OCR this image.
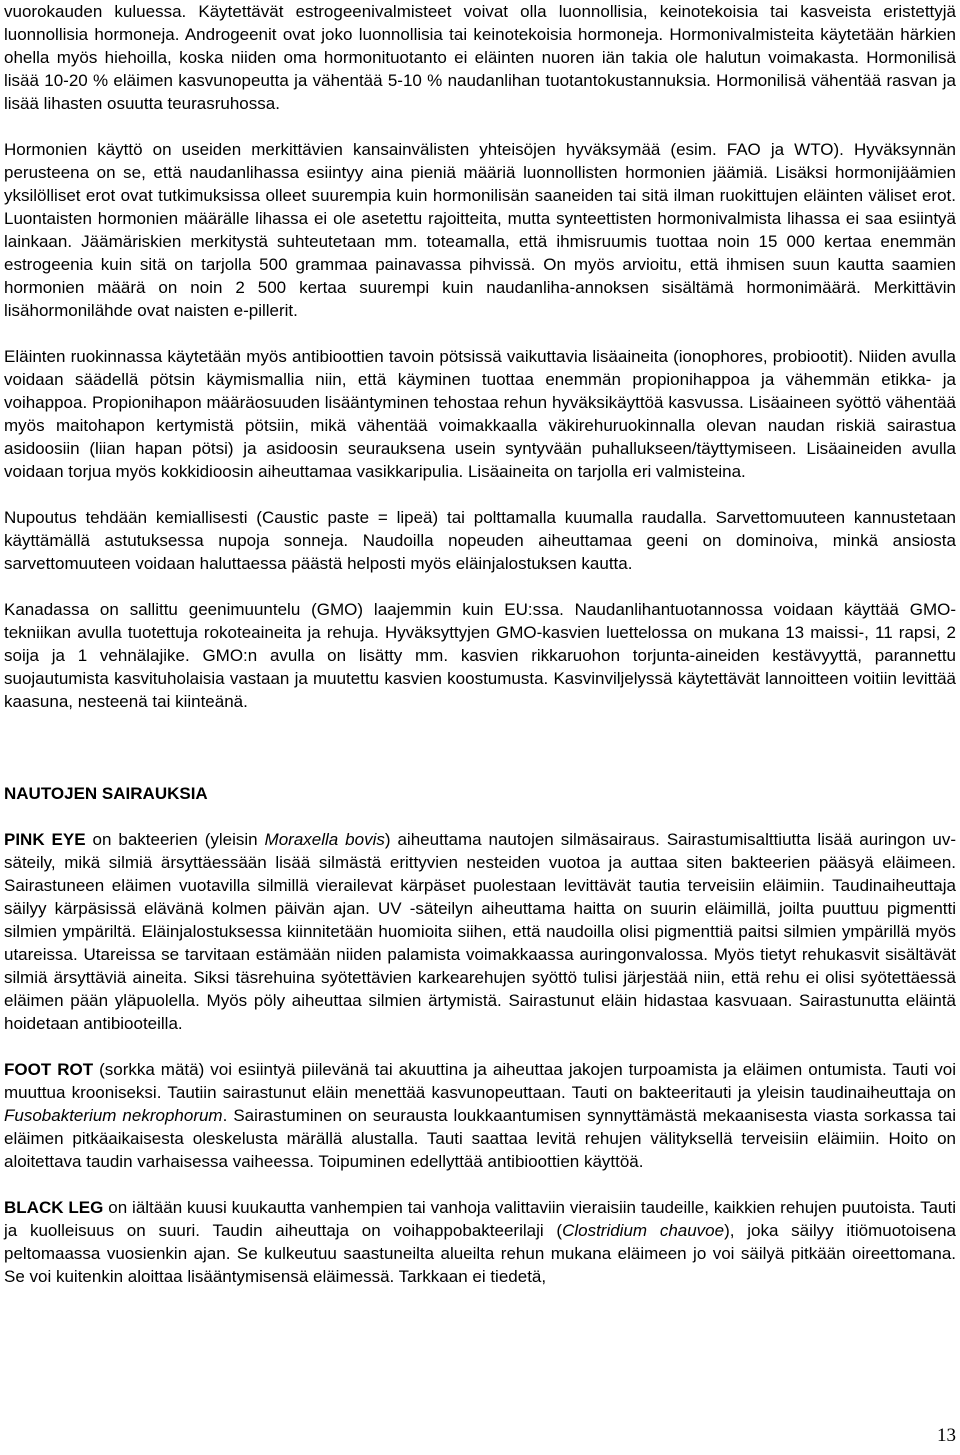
vuorokauden kuluessa. Käytettävät estrogeenivalmisteet voivat olla luonnollisia, keinotekoisia tai kasveista eristettyjä luonnollisia hormoneja. Androgeenit ovat joko luonnollisia tai keinotekoisia hormoneja. Hormonivalmisteita käytetään härkien ohella myös hiehoilla, koska niiden oma hormonituotanto ei eläinten nuoren iän takia ole halutun voimakasta. Hormonilisä lisää 10-20 % eläimen kasvunopeutta ja vähentää 5-10 % naudanlihan tuotantokustannuksia. Hormonilisä vähentää rasvan ja lisää lihasten osuutta teurasruhossa.

Hormonien käyttö on useiden merkittävien kansainvälisten yhteisöjen hyväksymää (esim. FAO ja WTO). Hyväksynnän perusteena on se, että naudanlihassa esiintyy aina pieniä määriä luonnollisten hormonien jäämiä. Lisäksi hormonijäämien yksilölliset erot ovat tutkimuksissa olleet suurempia kuin hormonilisän saaneiden tai sitä ilman ruokittujen eläinten väliset erot. Luontaisten hormonien määrälle lihassa ei ole asetettu rajoitteita, mutta synteettisten hormonivalmista lihassa ei saa esiintyä lainkaan. Jäämäriskien merkitystä suhteutetaan mm. toteamalla, että ihmisruumis tuottaa noin 15 000 kertaa enemmän estrogeenia kuin sitä on tarjolla 500 grammaa painavassa pihvissä. On myös arvioitu, että ihmisen suun kautta saamien hormonien määrä on noin 2 500 kertaa suurempi kuin naudanliha-annoksen sisältämä hormonimäärä. Merkittävin lisähormonilähde ovat naisten e-pillerit.

Eläinten ruokinnassa käytetään myös antibioottien tavoin pötsissä vaikuttavia lisäaineita (ionophores, probiootit). Niiden avulla voidaan säädellä pötsin käymismallia niin, että käyminen tuottaa enemmän propionihappoa ja vähemmän etikka- ja voihappoa. Propionihapon määräosuuden lisääntyminen tehostaa rehun hyväksikäyttöä kasvussa. Lisäaineen syöttö vähentää myös maitohapon kertymistä pötsiin, mikä vähentää voimakkaalla väkirehuruokinnalla olevan naudan riskiä sairastua asidoosiin (liian hapan pötsi) ja asidoosin seurauksena usein syntyvään puhallukseen/täyttymiseen. Lisäaineiden avulla voidaan torjua myös kokkidioosin aiheuttamaa vasikkaripulia. Lisäaineita on tarjolla eri valmisteina.

Nupoutus tehdään kemiallisesti (Caustic paste = lipeä) tai polttamalla kuumalla raudalla. Sarvettomuuteen kannustetaan käyttämällä astutuksessa nupoja sonneja. Naudoilla nopeuden aiheuttamaa geeni on dominoiva, minkä ansiosta sarvettomuuteen voidaan haluttaessa päästä helposti myös eläinjalostuksen kautta.

Kanadassa on sallittu geenimuuntelu (GMO) laajemmin kuin EU:ssa. Naudanlihantuotannossa voidaan käyttää GMO- tekniikan avulla tuotettuja rokoteaineita ja rehuja. Hyväksyttyjen GMO-kasvien luettelossa on mukana 13 maissi-, 11 rapsi, 2 soija ja 1 vehnälajike. GMO:n avulla on lisätty mm. kasvien rikkaruohon torjunta-aineiden kestävyyttä, parannettu suojautumista kasvituholaisia vastaan ja muutettu kasvien koostumusta. Kasvinviljelyssä käytettävät lannoitteen voitiin levittää kaasuna, nesteenä tai kiinteänä.

NAUTOJEN SAIRAUKSIA

PINK EYE on bakteerien (yleisin Moraxella bovis) aiheuttama nautojen silmäsairaus. Sairastumisalttiutta lisää auringon uv-säteily, mikä silmiä ärsyttäessään lisää silmästä erittyvien nesteiden vuotoa ja auttaa siten bakteerien pääsyä eläimeen. Sairastuneen eläimen vuotavilla silmillä vierailevat kärpäset puolestaan levittävät tautia terveisiin eläimiin. Taudinaiheuttaja säilyy kärpäsissä elävänä kolmen päivän ajan. UV -säteilyn aiheuttama haitta on suurin eläimillä, joilta puuttuu pigmentti silmien ympäriltä. Eläinjalostuksessa kiinnitetään huomioita siihen, että naudoilla olisi pigmenttiä paitsi silmien ympärillä myös utareissa. Utareissa se tarvitaan estämään niiden palamista voimakkaassa auringonvalossa. Myös tietyt rehukasvit sisältävät silmiä ärsyttäviä aineita. Siksi täsrehuina syötettävien karkearehujen syöttö tulisi järjestää niin, että rehu ei olisi syötettäessä eläimen pään yläpuolella. Myös pöly aiheuttaa silmien ärtymistä. Sairastunut eläin hidastaa kasvuaan. Sairastunutta eläintä hoidetaan antibiooteilla.

FOOT ROT (sorkka mätä) voi esiintyä piilevänä tai akuuttina ja aiheuttaa jakojen turpoamista ja eläimen ontumista. Tauti voi muuttua krooniseksi. Tautiin sairastunut eläin menettää kasvunopeuttaan. Tauti on bakteeritauti ja yleisin taudinaiheuttaja on Fusobakterium nekrophorum. Sairastuminen on seurausta loukkaantumisen synnyttämästä mekaanisesta viasta sorkassa tai eläimen pitkäaikaisesta oleskelusta märällä alustalla. Tauti saattaa levitä rehujen välityksellä terveisiin eläimiin. Hoito on aloitettava taudin varhaisessa vaiheessa. Toipuminen edellyttää antibioottien käyttöä.

BLACK LEG on iältään kuusi kuukautta vanhempien tai vanhoja valittaviin vieraisiin taudeille, kaikkien rehujen puutoista. Tauti ja kuolleisuus on suuri. Taudin aiheuttaja on voihappobakteerilaji (Clostridium chauvoe), joka säilyy itiömuotoisena peltomaassa vuosienkin ajan. Se kulkeutuu saastuneilta alueilta rehun mukana eläimeen jo voi säilyä pitkään oireettomana. Se voi kuitenkin aloittaa lisääntymisensä eläimessä. Tarkkaan ei tiedetä,

13
